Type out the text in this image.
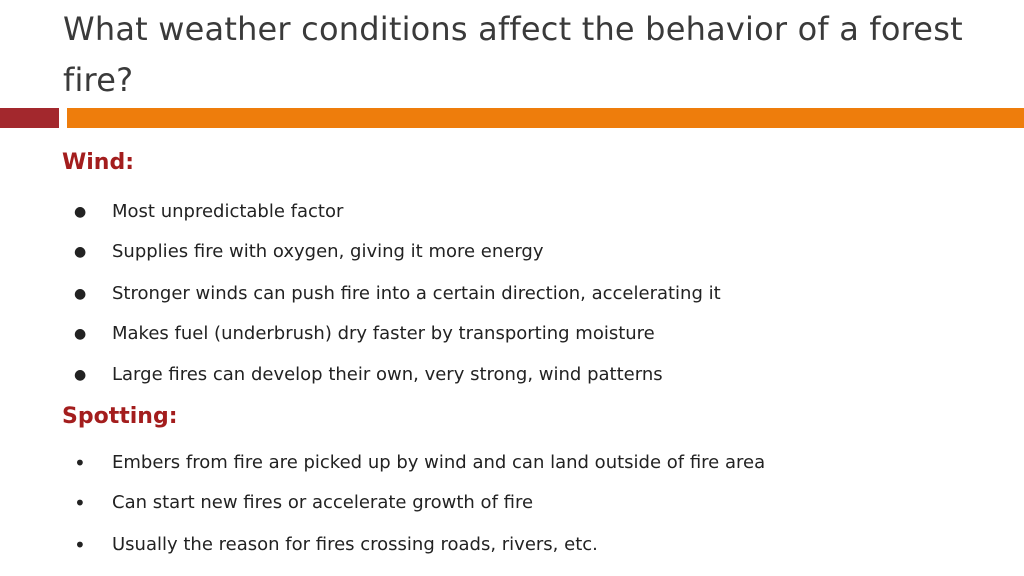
What weather conditions affect the behavior of a forest fire?
Wind:
●	Most unpredictable factor
●	Supplies fire with oxygen, giving it more energy
●	Stronger winds can push fire into a certain direction, accelerating it
●	Makes fuel (underbrush) dry faster by transporting moisture
●	Large fires can develop their own, very strong, wind patterns
Spotting:
•	Embers from fire are picked up by wind and can land outside of fire area
•	Can start new fires or accelerate growth of fire
•	Usually the reason for fires crossing roads, rivers, etc.
